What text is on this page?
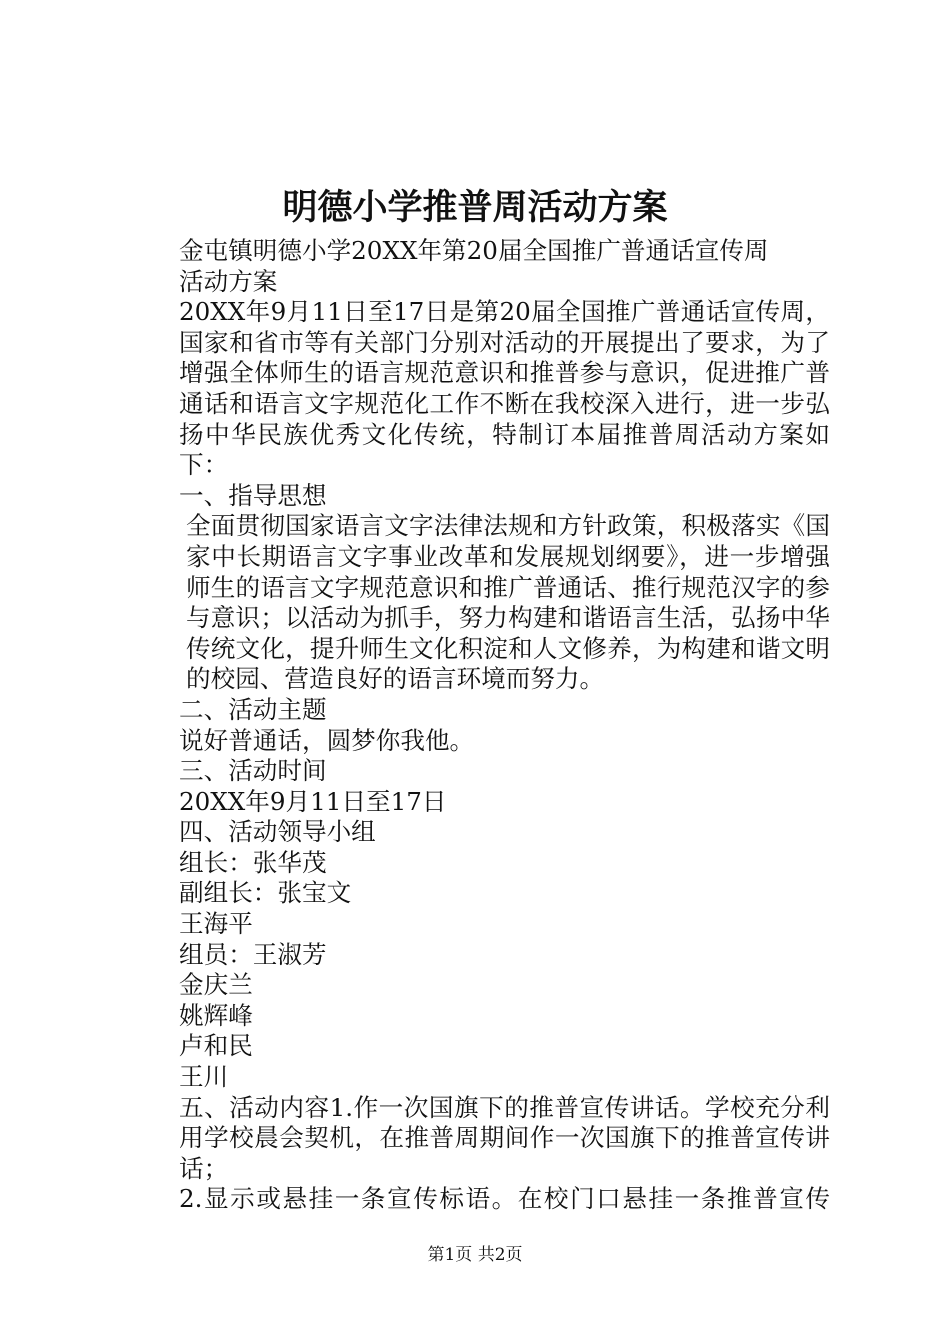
明德小学推普周活动方案

金屯镇明德小学20XX年第20届全国推广普通话宣传周

活动方案

20XX年9月11日至17日是第20届全国推广普通话宣传周，国家和省市等有关部门分别对活动的开展提出了要求，为了增强全体师生的语言规范意识和推普参与意识，促进推广普通话和语言文字规范化工作不断在我校深入进行，进一步弘扬中华民族优秀文化传统，特制订本届推普周活动方案如下：

一、指导思想

全面贯彻国家语言文字法律法规和方针政策，积极落实《国家中长期语言文字事业改革和发展规划纲要》，进一步增强师生的语言文字规范意识和推广普通话、推行规范汉字的参与意识；以活动为抓手，努力构建和谐语言生活，弘扬中华传统文化，提升师生文化积淀和人文修养，为构建和谐文明的校园、营造良好的语言环境而努力。

二、活动主题

说好普通话，圆梦你我他。

三、活动时间

20XX年9月11日至17日

四、活动领导小组

组长：张华茂

副组长：张宝文

王海平

组员：王淑芳

金庆兰

姚辉峰

卢和民

王川

五、活动内容1.作一次国旗下的推普宣传讲话。学校充分利用学校晨会契机，在推普周期间作一次国旗下的推普宣传讲话；

2.显示或悬挂一条宣传标语。在校门口悬挂一条推普宣传

第1页 共2页
